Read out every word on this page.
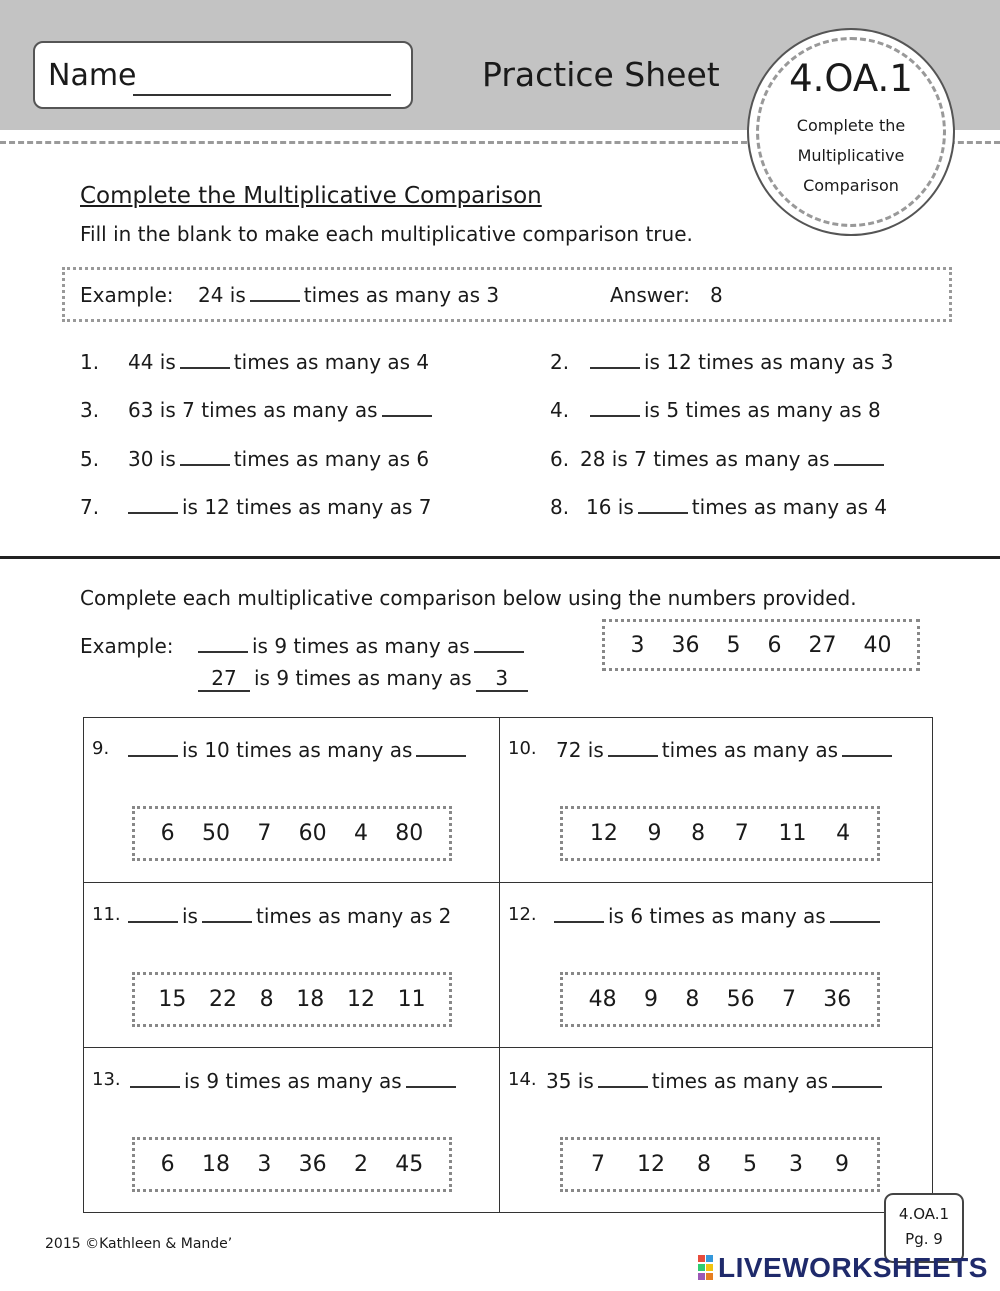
Name	Practice Sheet	4.OA.1
Complete the
Multiplicative
Comparison
Complete the Multiplicative Comparison
Fill in the blank to make each multiplicative comparison true.
Example: 24 is	times as many as 3	Answer: 8
1. 44 is	times as many as 4	2.	is 12 times as many as 3
3. 63 is 7 times as many as	4.	is 5 times as many as 8
5. 30 is	times as many as 6	6. 28 is 7 times as many as
7.	is 12 times as many as 7	8. 16 is	times as many as 4
Complete each multiplicative comparison below using the numbers provided.
Example:	is 9 times as many as
27 is 9 times as many as 3
3 36 5 6 27 40
9.	is 10 times as many as
6 50 7 60 4 80
10. 72 is	times as many as
12 9 8 7 11 4
11.	is	times as many as 2
15 22 8 18 12 11
12.	is 6 times as many as
48 9 8 56 7 36
13.	is 9 times as many as
6 18 3 36 2 45
14. 35 is	times as many as
7 12 8 5 3 9
2015 ©Kathleen & Mande’
4.OA.1
Pg. 9
LIVEWORKSHEETS
